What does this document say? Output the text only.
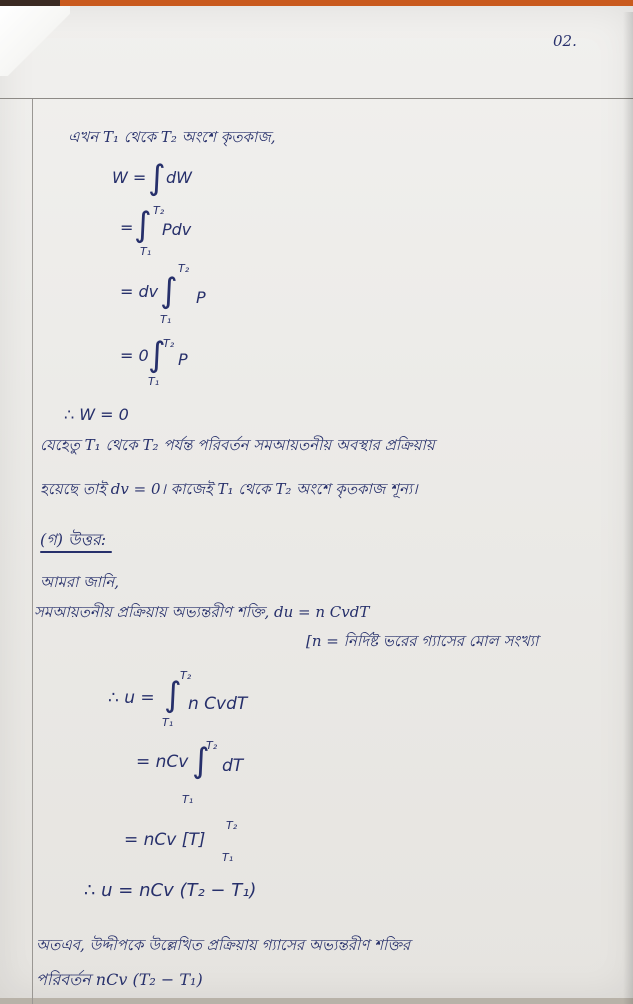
02.
এখন T₁ থেকে T₂ অংশে কৃতকাজ,
W = ∫ dW
= ∫ T₂
T₁
Pdv
= dv ∫
T₂
T₁
P
= 0 ∫
T₂
T₁
P
∴ W = 0
যেহেতু T₁ থেকে T₂ পর্যন্ত পরিবর্তন সমআয়তনীয় অবস্থার প্রক্রিয়ায়
হয়েছে তাই dv = 0। কাজেই T₁ থেকে T₂ অংশে কৃতকাজ শূন্য।
(গ) উত্তর:
আমরা জানি,
সমআয়তনীয় প্রক্রিয়ায় অভ্যন্তরীণ শক্তি, du = n CvdT
[n = নির্দিষ্ট ভরের গ্যাসের মোল সংখ্যা
∴ u = ∫
T₂
T₁
n CvdT
= nCv ∫
T₂
T₁
dT
= nCv [T]
T₂
T₁
∴ u = nCv (T₂ − T₁)
অতএব, উদ্দীপকে উল্লেখিত প্রক্রিয়ায় গ্যাসের অভ্যন্তরীণ শক্তির
পরিবর্তন nCv (T₂ − T₁)
